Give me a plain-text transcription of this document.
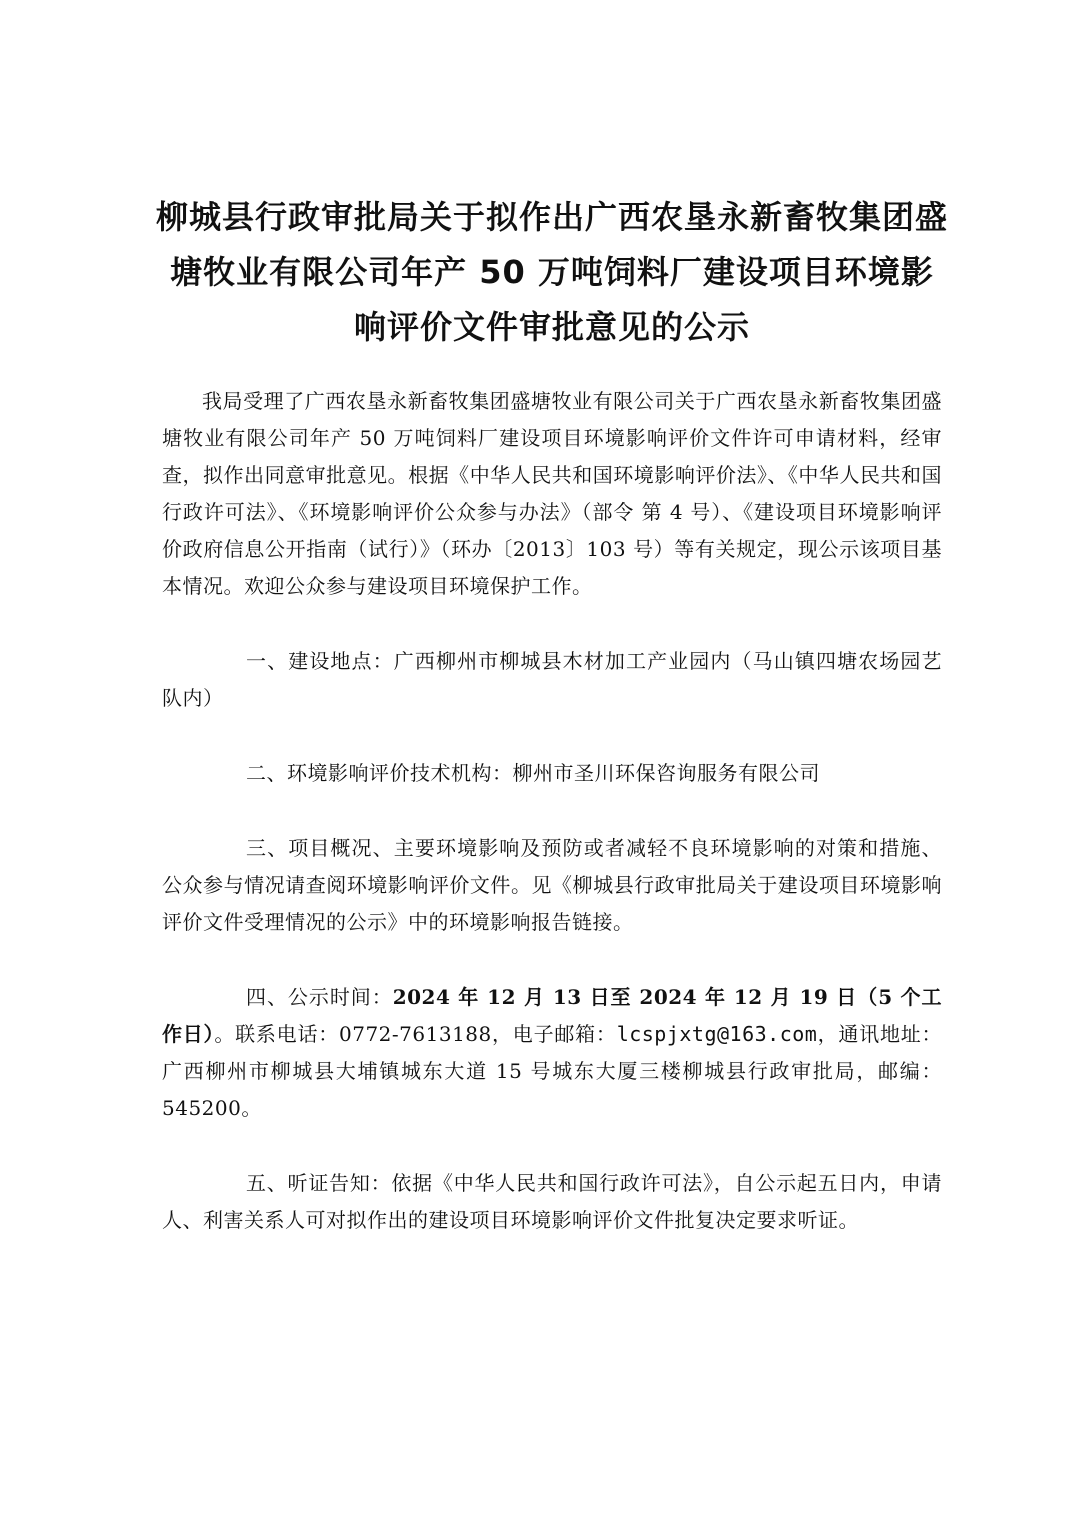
柳城县行政审批局关于拟作出广西农垦永新畜牧集团盛塘牧业有限公司年产 50 万吨饲料厂建设项目环境影响评价文件审批意见的公示

我局受理了广西农垦永新畜牧集团盛塘牧业有限公司关于广西农垦永新畜牧集团盛塘牧业有限公司年产 50 万吨饲料厂建设项目环境影响评价文件许可申请材料，经审查，拟作出同意审批意见。根据《中华人民共和国环境影响评价法》、《中华人民共和国行政许可法》、《环境影响评价公众参与办法》（部令 第 4 号）、《建设项目环境影响评价政府信息公开指南（试行）》（环办〔2013〕103 号）等有关规定，现公示该项目基本情况。欢迎公众参与建设项目环境保护工作。

一、建设地点：广西柳州市柳城县木材加工产业园内（马山镇四塘农场园艺队内）

二、环境影响评价技术机构：柳州市圣川环保咨询服务有限公司

三、项目概况、主要环境影响及预防或者减轻不良环境影响的对策和措施、公众参与情况请查阅环境影响评价文件。见《柳城县行政审批局关于建设项目环境影响评价文件受理情况的公示》中的环境影响报告链接。

四、公示时间：2024 年 12 月 13 日至 2024 年 12 月 19 日（5 个工作日）。联系电话：0772-7613188，电子邮箱：lcspjxtg@163.com，通讯地址：广西柳州市柳城县大埔镇城东大道 15 号城东大厦三楼柳城县行政审批局，邮编：545200。

五、听证告知：依据《中华人民共和国行政许可法》，自公示起五日内，申请人、利害关系人可对拟作出的建设项目环境影响评价文件批复决定要求听证。
